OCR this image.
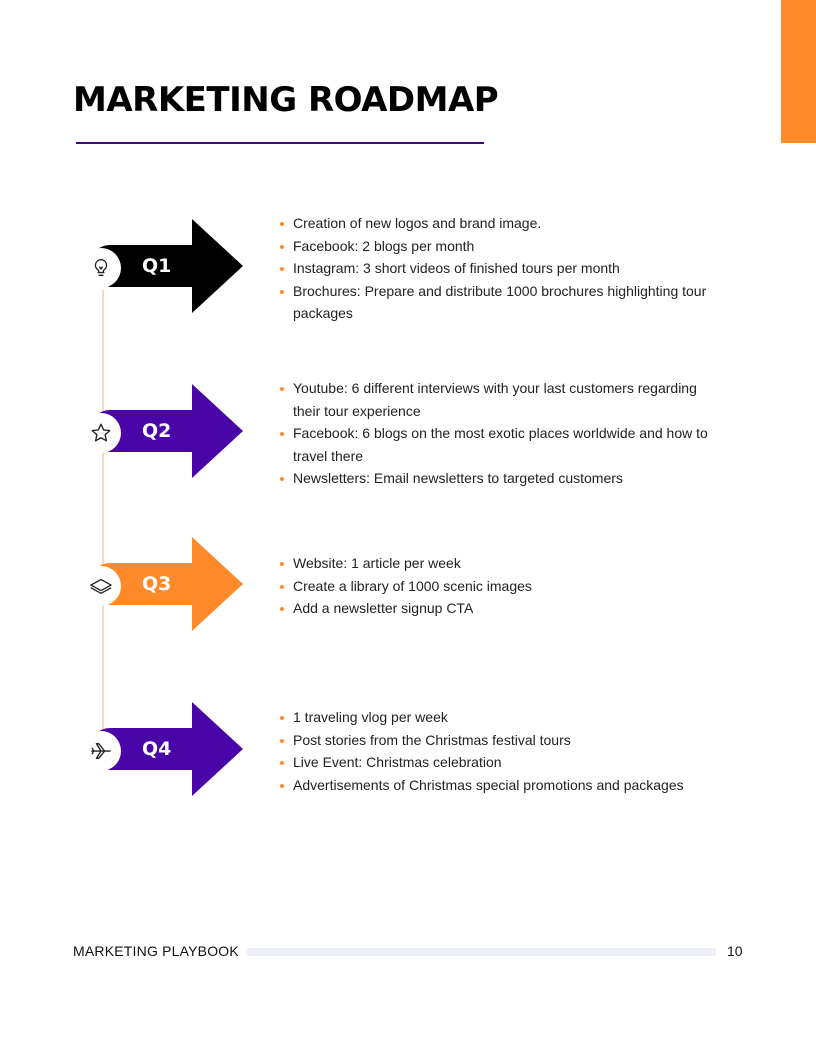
MARKETING ROADMAP
Q1
Creation of new logos and brand image.
Facebook: 2 blogs per month
Instagram: 3 short videos of finished tours per month
Brochures: Prepare and distribute 1000 brochures highlighting tour packages
Q2
Youtube: 6 different interviews with your last customers regarding their tour experience
Facebook: 6 blogs on the most exotic places worldwide and how to travel there
Newsletters: Email newsletters to targeted customers
Q3
Website: 1 article per week
Create a library of 1000 scenic images
Add a newsletter signup CTA
Q4
1 traveling vlog per week
Post stories from the Christmas festival tours
Live Event: Christmas celebration
Advertisements of Christmas special promotions and packages
MARKETING PLAYBOOK	10
